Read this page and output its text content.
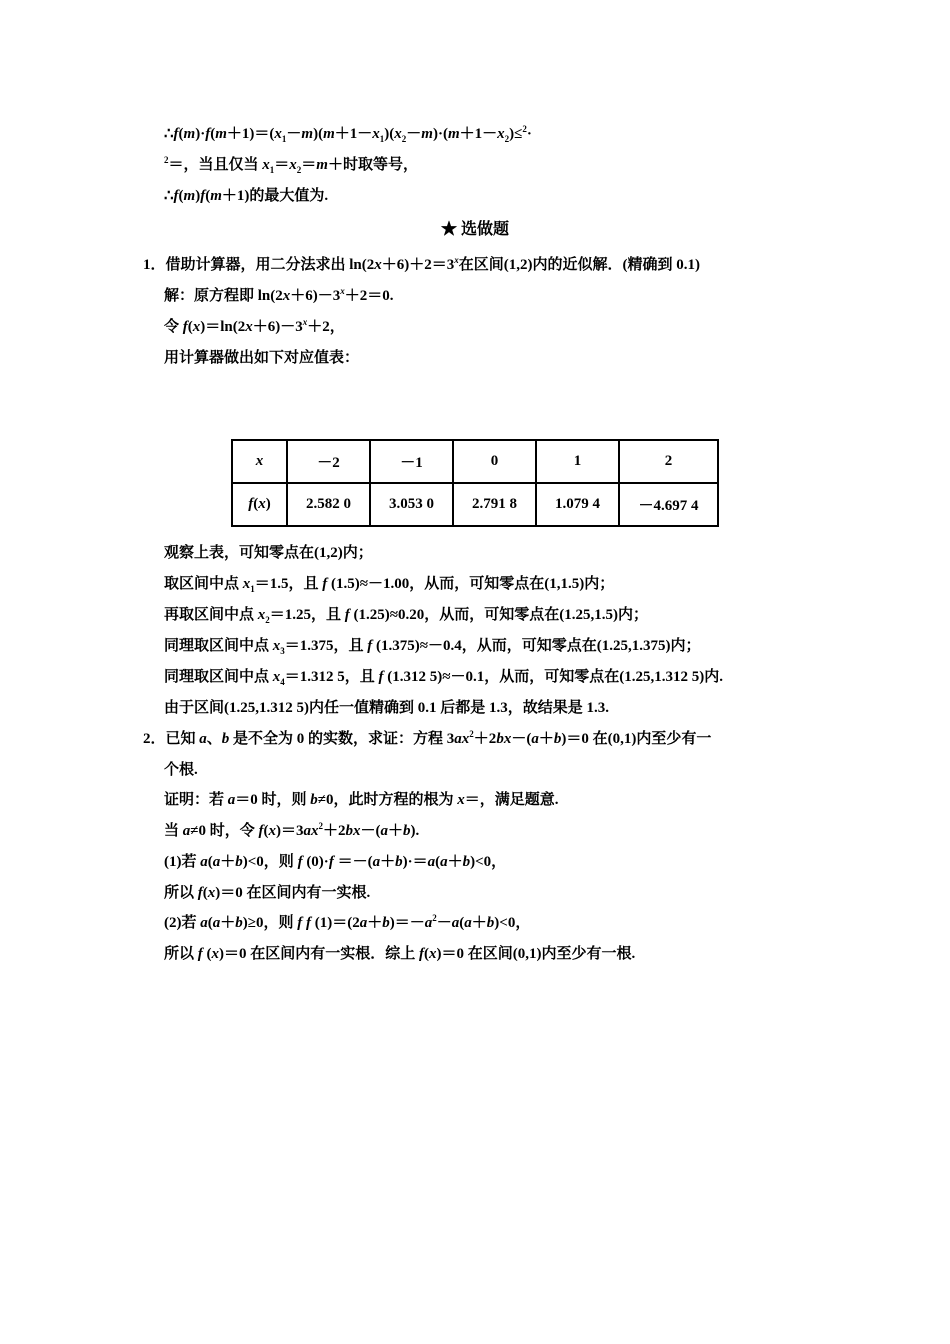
$\therefore f(m)\cdot f(m+1)=(x_1-m)(m+1-x_1)(x_2-m)\cdot(m+1-x_2)\le^2\cdot$
$^2$＝，当且仅当 $x_1=x_2=m+$时取等号，
∴f(m)f(m＋1)的最大值为.
★ 选做题
1．借助计算器，用二分法求出 $\ln(2x+6)+2=3^x$在区间(1,2)内的近似解．(精确到 0.1)
解：原方程即 $\ln(2x+6)-3^x+2=0$.
令 $f(x)=\ln(2x+6)-3^x+2$，
用计算器做出如下对应值表：
x	－2	－1	0	1	2
f(x)	2.582 0	3.053 0	2.791 8	1.079 4	－4.697 4
观察上表，可知零点在(1,2)内；
取区间中点 $x_1=1.5$，且 f (1.5)≈－1.00，从而，可知零点在(1,1.5)内；
再取区间中点 $x_2=1.25$，且 f (1.25)≈0.20，从而，可知零点在(1.25,1.5)内；
同理取区间中点 $x_3=1.375$，且 f (1.375)≈－0.4，从而，可知零点在(1.25,1.375)内；
同理取区间中点 $x_4=1.312$ 5，且 f (1.312 5)≈－0.1，从而，可知零点在(1.25,1.312 5)内.
由于区间(1.25,1.312 5)内任一值精确到 0.1 后都是 1.3，故结果是 1.3.
2．已知 a、b 是不全为 0 的实数，求证：方程 $3ax^2+2bx-(a+b)=0$ 在(0,1)内至少有一
个根.
证明：若 a＝0 时，则 b≠0，此时方程的根为 x＝，满足题意.
当 a≠0 时，令 $f(x)=3ax^2+2bx-(a+b)$.
(1)若 a(a＋b)<0，则 f (0)·f ＝－(a＋b)·＝a(a＋b)<0，
所以 f(x)＝0 在区间内有一实根.
(2)若 a(a＋b)≥0，则 f f $(1)=(2a+b)=-a^2-a(a+b)<0$，
所以 f (x)＝0 在区间内有一实根．综上 f(x)＝0 在区间(0,1)内至少有一根.
